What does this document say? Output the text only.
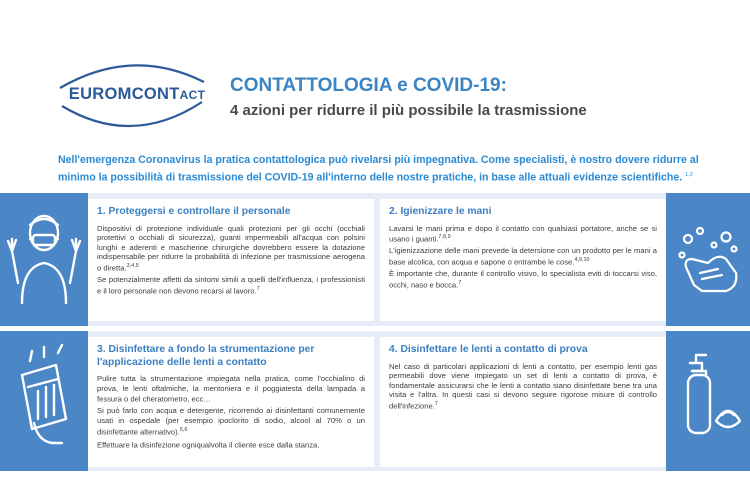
EUROMCONTACT	CONTATTOLOGIA e COVID-19:
4 azioni per ridurre il più possibile la trasmissione
Nell'emergenza Coronavirus la pratica contattologica può rivelarsi più impegnativa. Come specialisti, è nostro dovere ridurre al minimo la possibilità di trasmissione del COVID-19 all'interno delle nostre pratiche, in base alle attuali evidenze scientifiche. $^{1,2}$
1. Proteggersi e controllare il personale

Dispositivi di protezione individuale quali protezioni per gli occhi (occhiali protettivi o occhiali di sicurezza), guanti impermeabili all'acqua con polsini lunghi e aderenti e mascherine chirurgiche dovrebbero essere la dotazione indispensabile per ridurre la probabilità di infezione per trasmissione aerogena o diretta.$^{3,4,5}$

Se potenzialmente affetti da sintomi simili a quelli dell'influenza, i professionisti e il loro personale non devono recarsi al lavoro.$^7$

2. Igienizzare le mani

Lavarsi le mani prima e dopo il contatto con qualsiasi portatore, anche se si usano i guanti.$^{7,8,9}$

L'igienizzazione delle mani prevede la detersione con un prodotto per le mani a base alcolica, con acqua e sapone o entrambe le cose.$^{4,9,10}$

È importante che, durante il controllo visivo, lo specialista eviti di toccarsi viso, occhi, naso e bocca.$^7$

3. Disinfettare a fondo la strumentazione per l'applicazione delle lenti a contatto

Pulire tutta la strumentazione impiegata nella pratica, come l'occhialino di prova, le lenti oftalmiche, la mentoniera e il poggiatesta della lampada a fessura o del cheratometro, ecc…

Si può farlo con acqua e detergente, ricorrendo ai disinfettanti comunemente usati in ospedale (per esempio ipoclorito di sodio, alcool al 70% o un disinfettante alternativo).$^{5,6}$

Effettuare la disinfezione ogniqualvolta il cliente esce dalla stanza.

4. Disinfettare le lenti a contatto di prova

Nel caso di particolari applicazioni di lenti a contatto, per esempio lenti gas permeabili dove viene impiegato un set di lenti a contatto di prova, è fondamentale assicurarsi che le lenti a contatto siano disinfettate bene tra una visita e l'altra. In questi casi si devono seguire rigorose misure di controllo dell'infezione.$^7$
